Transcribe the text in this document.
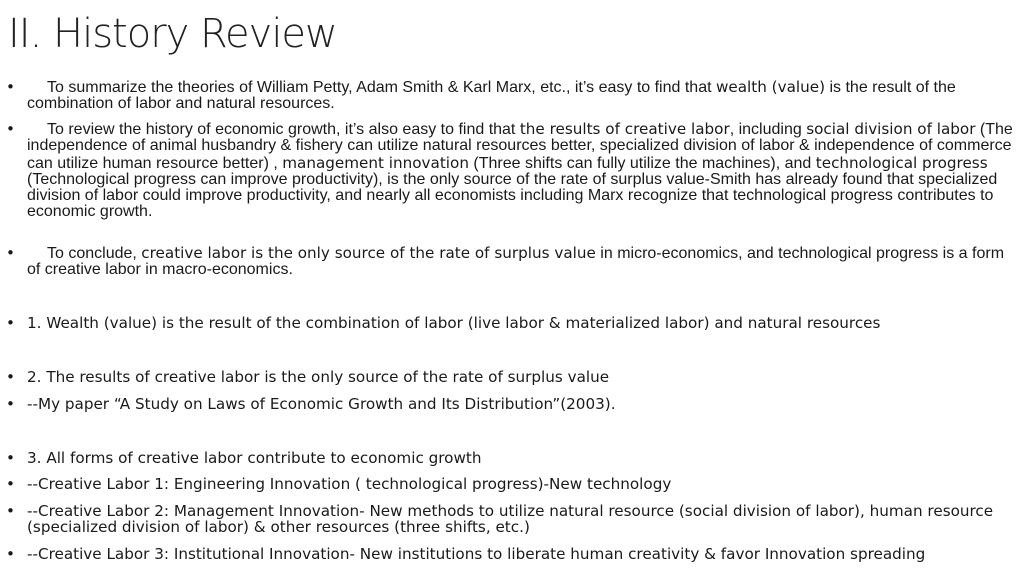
II. History Review
•	To summarize the theories of William Petty, Adam Smith & Karl Marx, etc., it’s easy to find that wealth (value) is the result of the combination of labor and natural resources.
•	To review the history of economic growth, it’s also easy to find that the results of creative labor, including social division of labor (The independence of animal husbandry & fishery can utilize natural resources better, specialized division of labor & independence of commerce can utilize human resource better) , management innovation (Three shifts can fully utilize the machines), and technological progress (Technological progress can improve productivity), is the only source of the rate of surplus value-Smith has already found that specialized division of labor could improve productivity, and nearly all economists including Marx recognize that technological progress contributes to economic growth.
•	To conclude, creative labor is the only source of the rate of surplus value in micro-economics, and technological progress is a form of creative labor in macro-economics.
• 1. Wealth (value) is the result of the combination of labor (live labor & materialized labor) and natural resources
• 2. The results of creative labor is the only source of the rate of surplus value
• --My paper “A Study on Laws of Economic Growth and Its Distribution”(2003).
• 3. All forms of creative labor contribute to economic growth
• --Creative Labor 1: Engineering Innovation ( technological progress)-New technology
• --Creative Labor 2: Management Innovation- New methods to utilize natural resource (social division of labor), human resource (specialized division of labor) & other resources (three shifts, etc.)
• --Creative Labor 3: Institutional Innovation- New institutions to liberate human creativity & favor Innovation spreading
